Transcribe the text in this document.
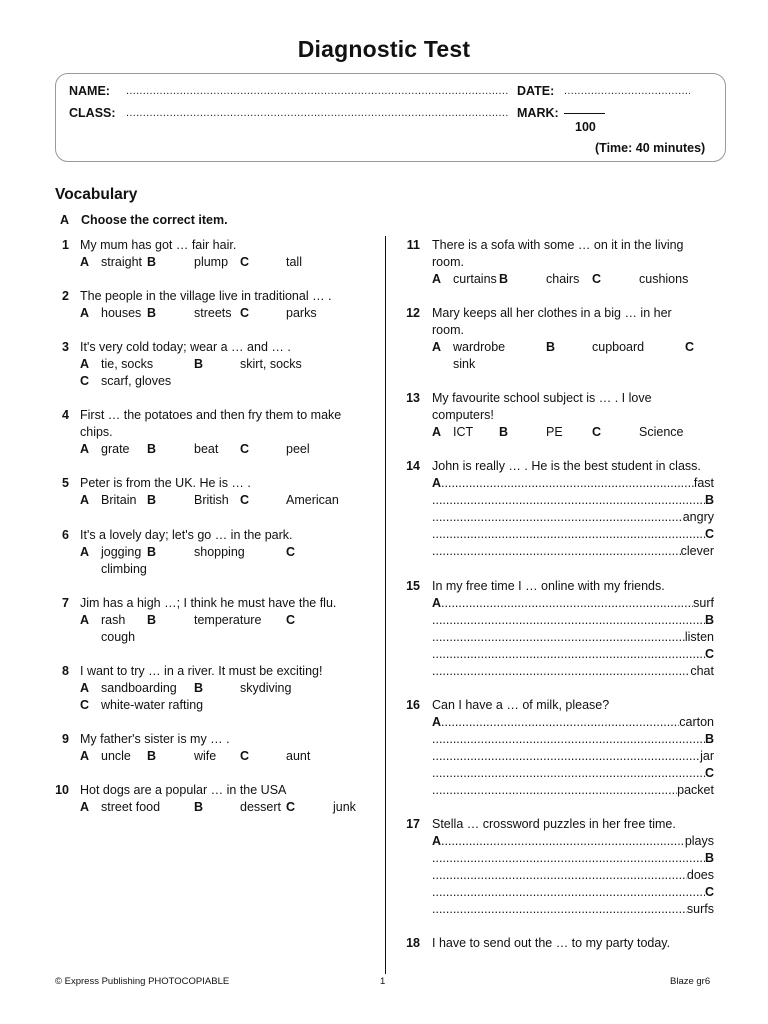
Diagnostic Test
NAME: .....	DATE:
.....
CLASS: .....	MARK:
100
(Time: 40 minutes)
Vocabulary
A Choose the correct item.
1 My mum has got … fair hair.
A straight B	plump C	tall
2 The people in the village live in traditional … .
A houses B	streets C	parks
3 It's very cold today; wear a … and … .
A tie, socks	B	skirt, socks
C scarf, gloves
4 First … the potatoes and then fry them to make chips.
A grate B	beat C	peel
5 Peter is from the UK. He is … .
A Britain B	British C	American
6 It's a lovely day; let's go … in the park.
A jogging B	shopping	C
climbing
7 Jim has a high …; I think he must have the flu.
A rash B	temperature C
cough
8 I want to try … in a river. It must be exciting!
A sandboarding B	skydiving
C white-water rafting
9 My father's sister is my … .
A uncle B	wife C	aunt
10 Hot dogs are a popular … in the USA
A street food	B	dessert C	junk
11 There is a sofa with some … on it in the living room.
A curtains B	chairs C	cushions
12 Mary keeps all her clothes in a big … in her room.
A wardrobe	B	cupboard	C
sink
13 My favourite school subject is … . I love computers!
A ICT B	PE C	Science
14 John is really … . He is the best student in class.
A .....	fast
.....
B
.....
angry
.....
C
.....
clever
15 In my free time I … online with my friends.
A .....	surf
.....
B
.....
listen
.....
C
.....
chat
16 Can I have a … of milk, please?
A .....	carton
.....
B
.....
jar
.....
C
.....
packet
17 Stella … crossword puzzles in her free time.
A .....	plays
.....
B
.....
does
.....
C
.....
surfs
18 I have to send out the … to my party today.
© Express Publishing PHOTOCOPIABLE	1	Blaze gr6
